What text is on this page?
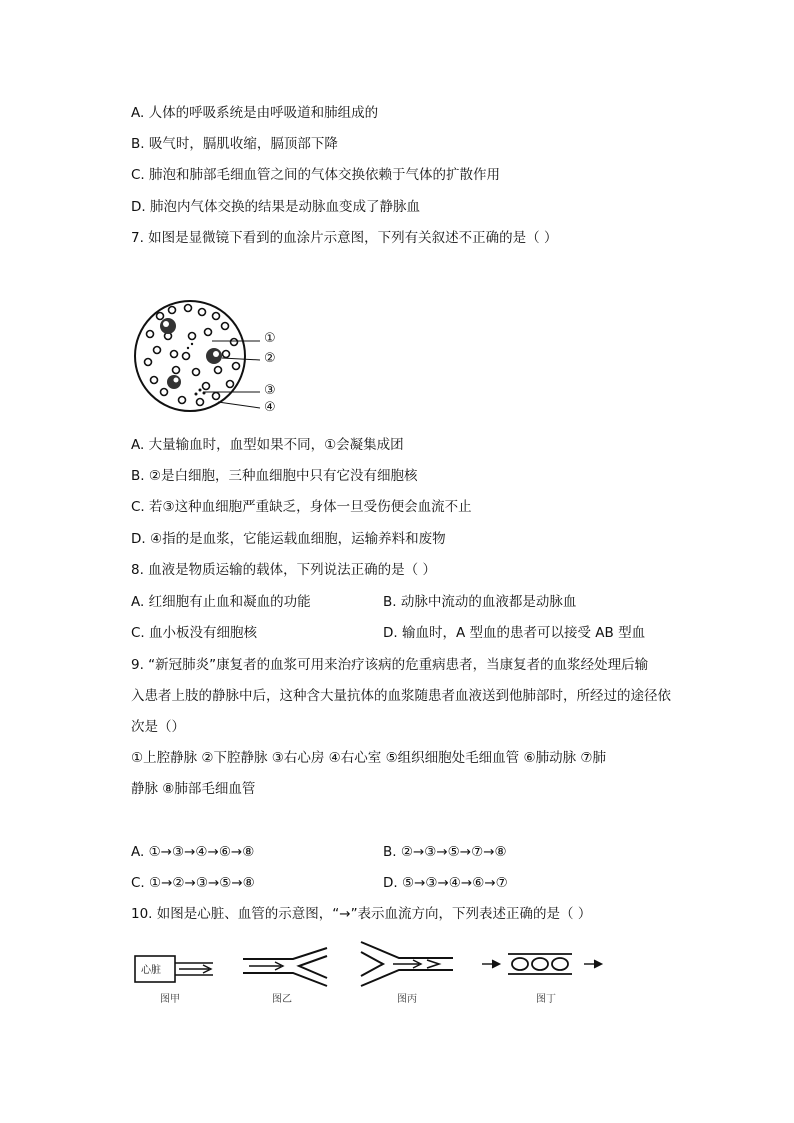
A. 人体的呼吸系统是由呼吸道和肺组成的
B. 吸气时，膈肌收缩，膈顶部下降
C. 肺泡和肺部毛细血管之间的气体交换依赖于气体的扩散作用
D. 肺泡内气体交换的结果是动脉血变成了静脉血
7. 如图是显微镜下看到的血涂片示意图，下列有关叙述不正确的是（ ）
①
②
③
④
A. 大量输血时，血型如果不同，①会凝集成团
B. ②是白细胞，三种血细胞中只有它没有细胞核
C. 若③这种血细胞严重缺乏，身体一旦受伤便会血流不止
D. ④指的是血浆，它能运载血细胞，运输养料和废物
8. 血液是物质运输的载体，下列说法正确的是（ ）
A. 红细胞有止血和凝血的功能	B. 动脉中流动的血液都是动脉血
C. 血小板没有细胞核	D. 输血时，A 型血的患者可以接受 AB 型血
9. “新冠肺炎”康复者的血浆可用来治疗该病的危重病患者，当康复者的血浆经处理后输
入患者上肢的静脉中后，这种含大量抗体的血浆随患者血液送到他肺部时，所经过的途径依
次是（）
①上腔静脉 ②下腔静脉 ③右心房 ④右心室 ⑤组织细胞处毛细血管 ⑥肺动脉 ⑦肺
静脉 ⑧肺部毛细血管
A. ①→③→④→⑥→⑧	B. ②→③→⑤→⑦→⑧
C. ①→②→③→⑤→⑧	D. ⑤→③→④→⑥→⑦
10. 如图是心脏、血管的示意图，“→”表示血流方向，下列表述正确的是（ ）
心脏
图甲	图乙	图丙	图丁
